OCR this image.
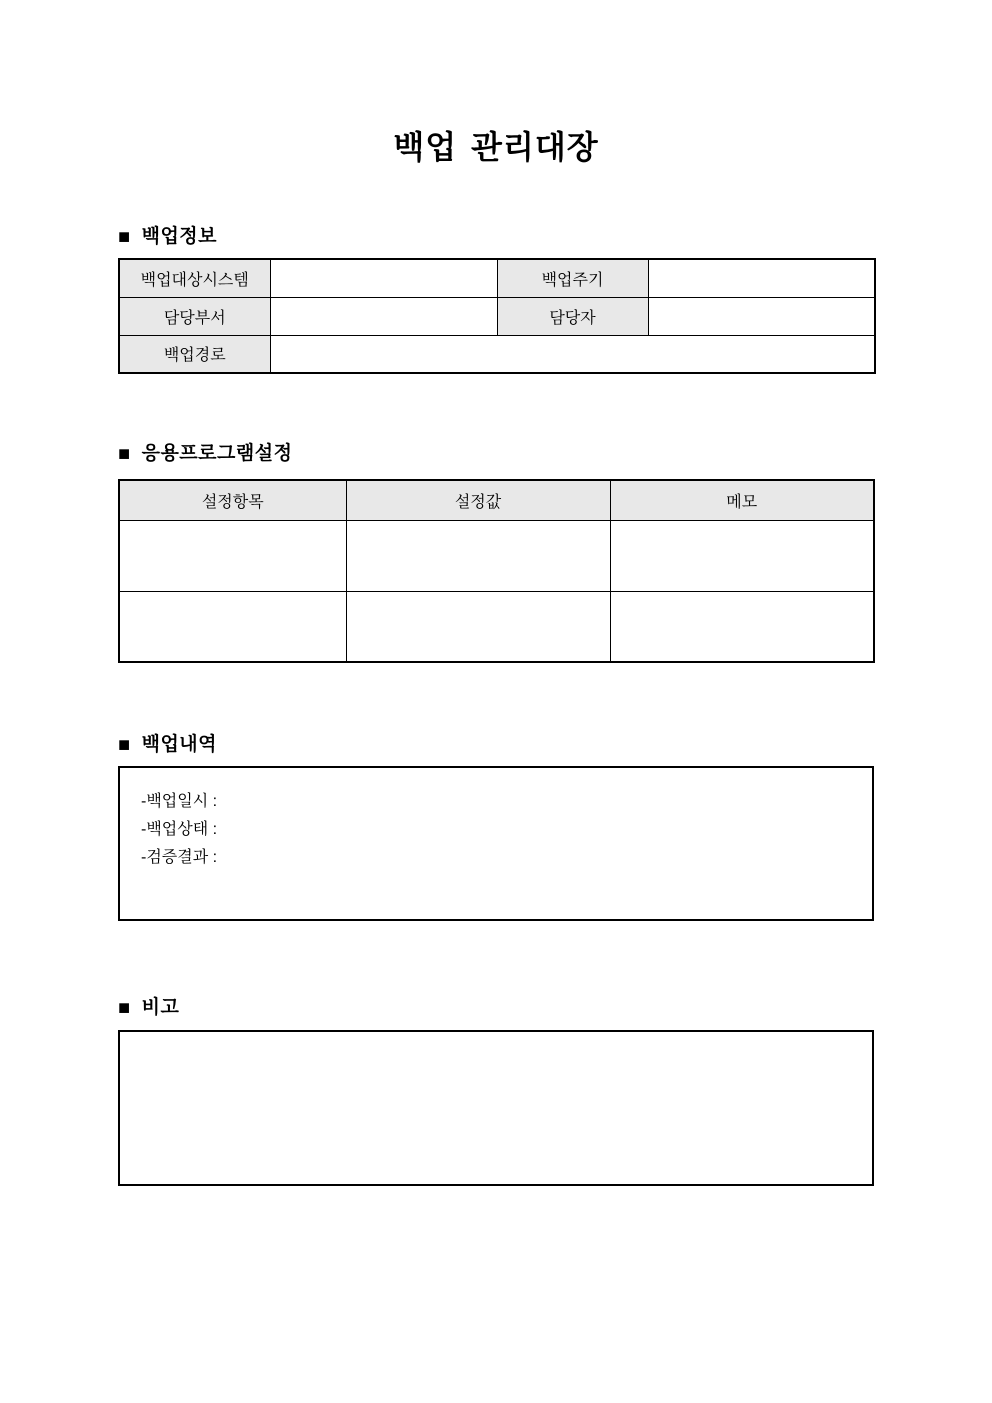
백업 관리대장
■ 백업정보
백업대상시스템		백업주기	
담당부서		담당자	
백업경로			
■ 응용프로그램설정
설정항목	설정값	메모

■ 백업내역
-백업일시 :
-백업상태 :
-검증결과 :
■ 비고
